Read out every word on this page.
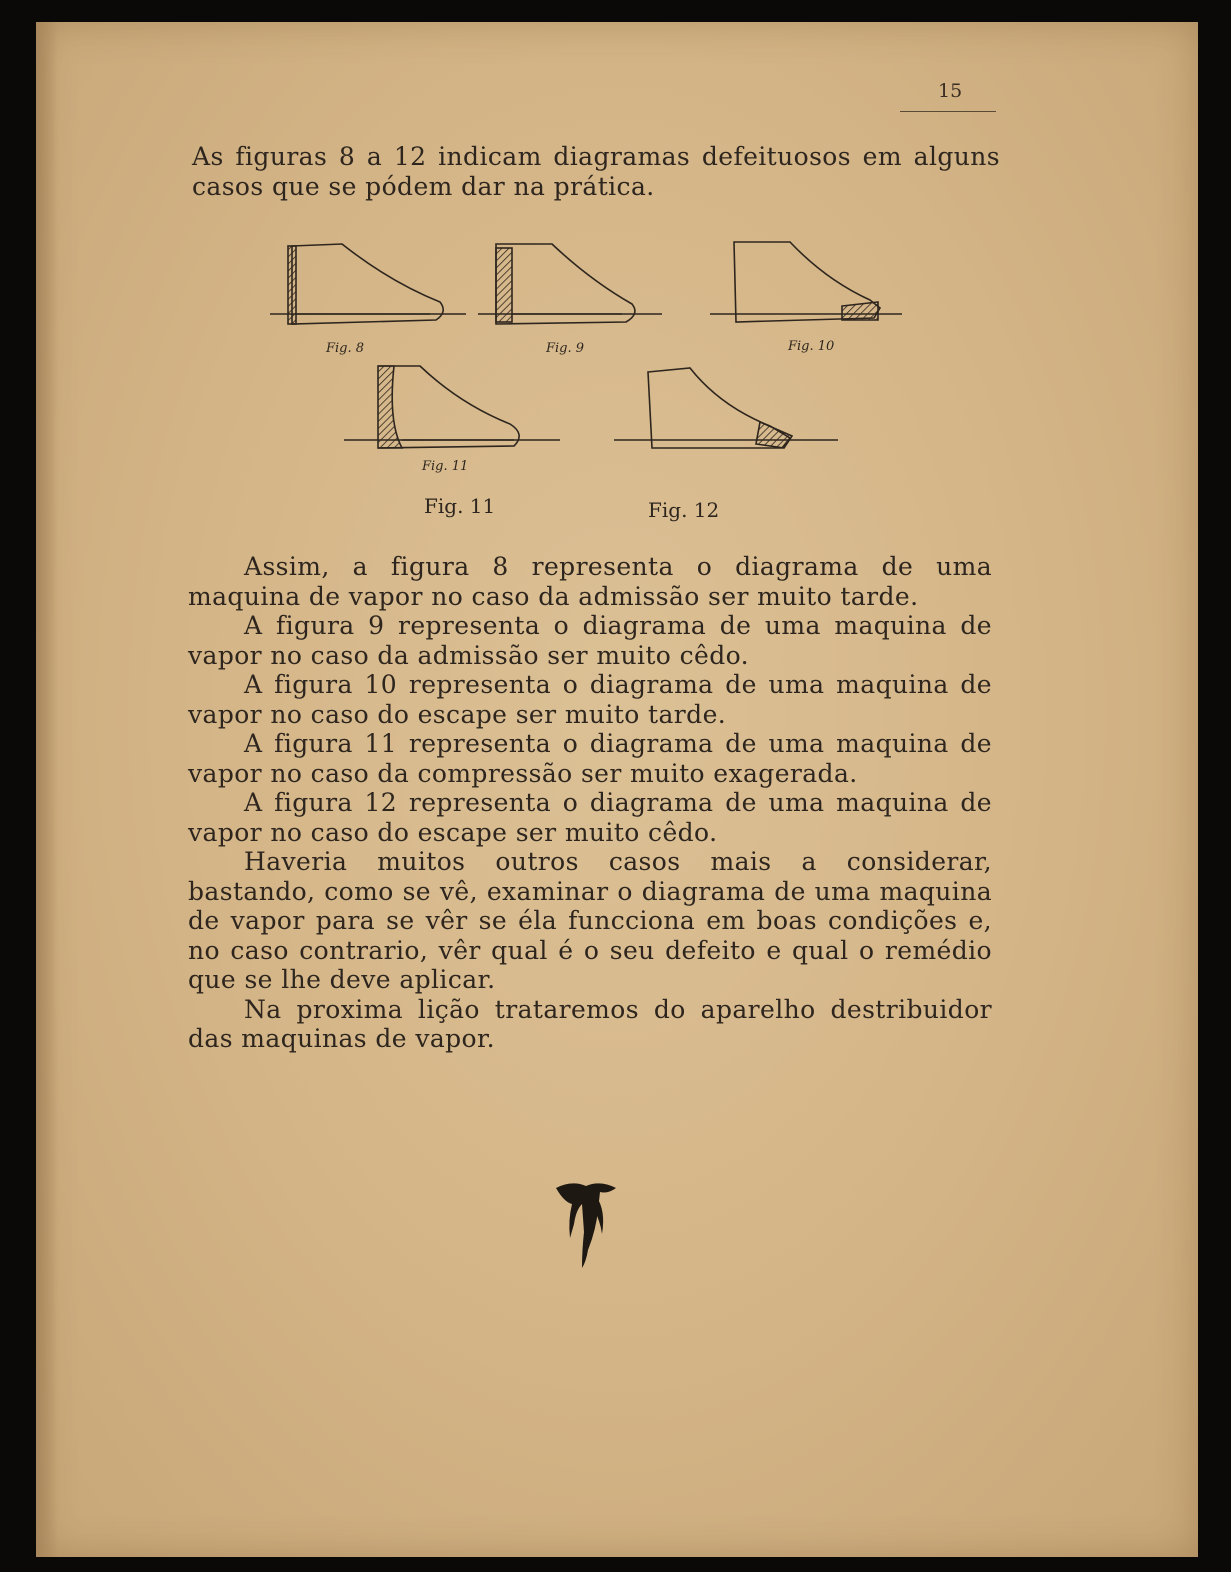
15
As figuras 8 a 12 indicam diagramas defeituosos em alguns casos que se pódem dar na prática.
Fig. 8	Fig. 9	Fig. 10
Fig. 11
Fig. 11	Fig. 12

Assim, a figura 8 representa o diagrama de uma maquina de vapor no caso da admissão ser muito tarde.

A figura 9 representa o diagrama de uma maquina de vapor no caso da admissão ser muito cêdo.

A figura 10 representa o diagrama de uma maquina de vapor no caso do escape ser muito tarde.

A figura 11 representa o diagrama de uma maquina de vapor no caso da compressão ser muito exagerada.

A figura 12 representa o diagrama de uma maquina de vapor no caso do escape ser muito cêdo.

Haveria muitos outros casos mais a considerar, bastando, como se vê, examinar o diagrama de uma maquina de vapor para se vêr se éla funcciona em boas condições e, no caso contrario, vêr qual é o seu defeito e qual o remédio que se lhe deve aplicar.

Na proxima lição trataremos do aparelho destribuidor das maquinas de vapor.
